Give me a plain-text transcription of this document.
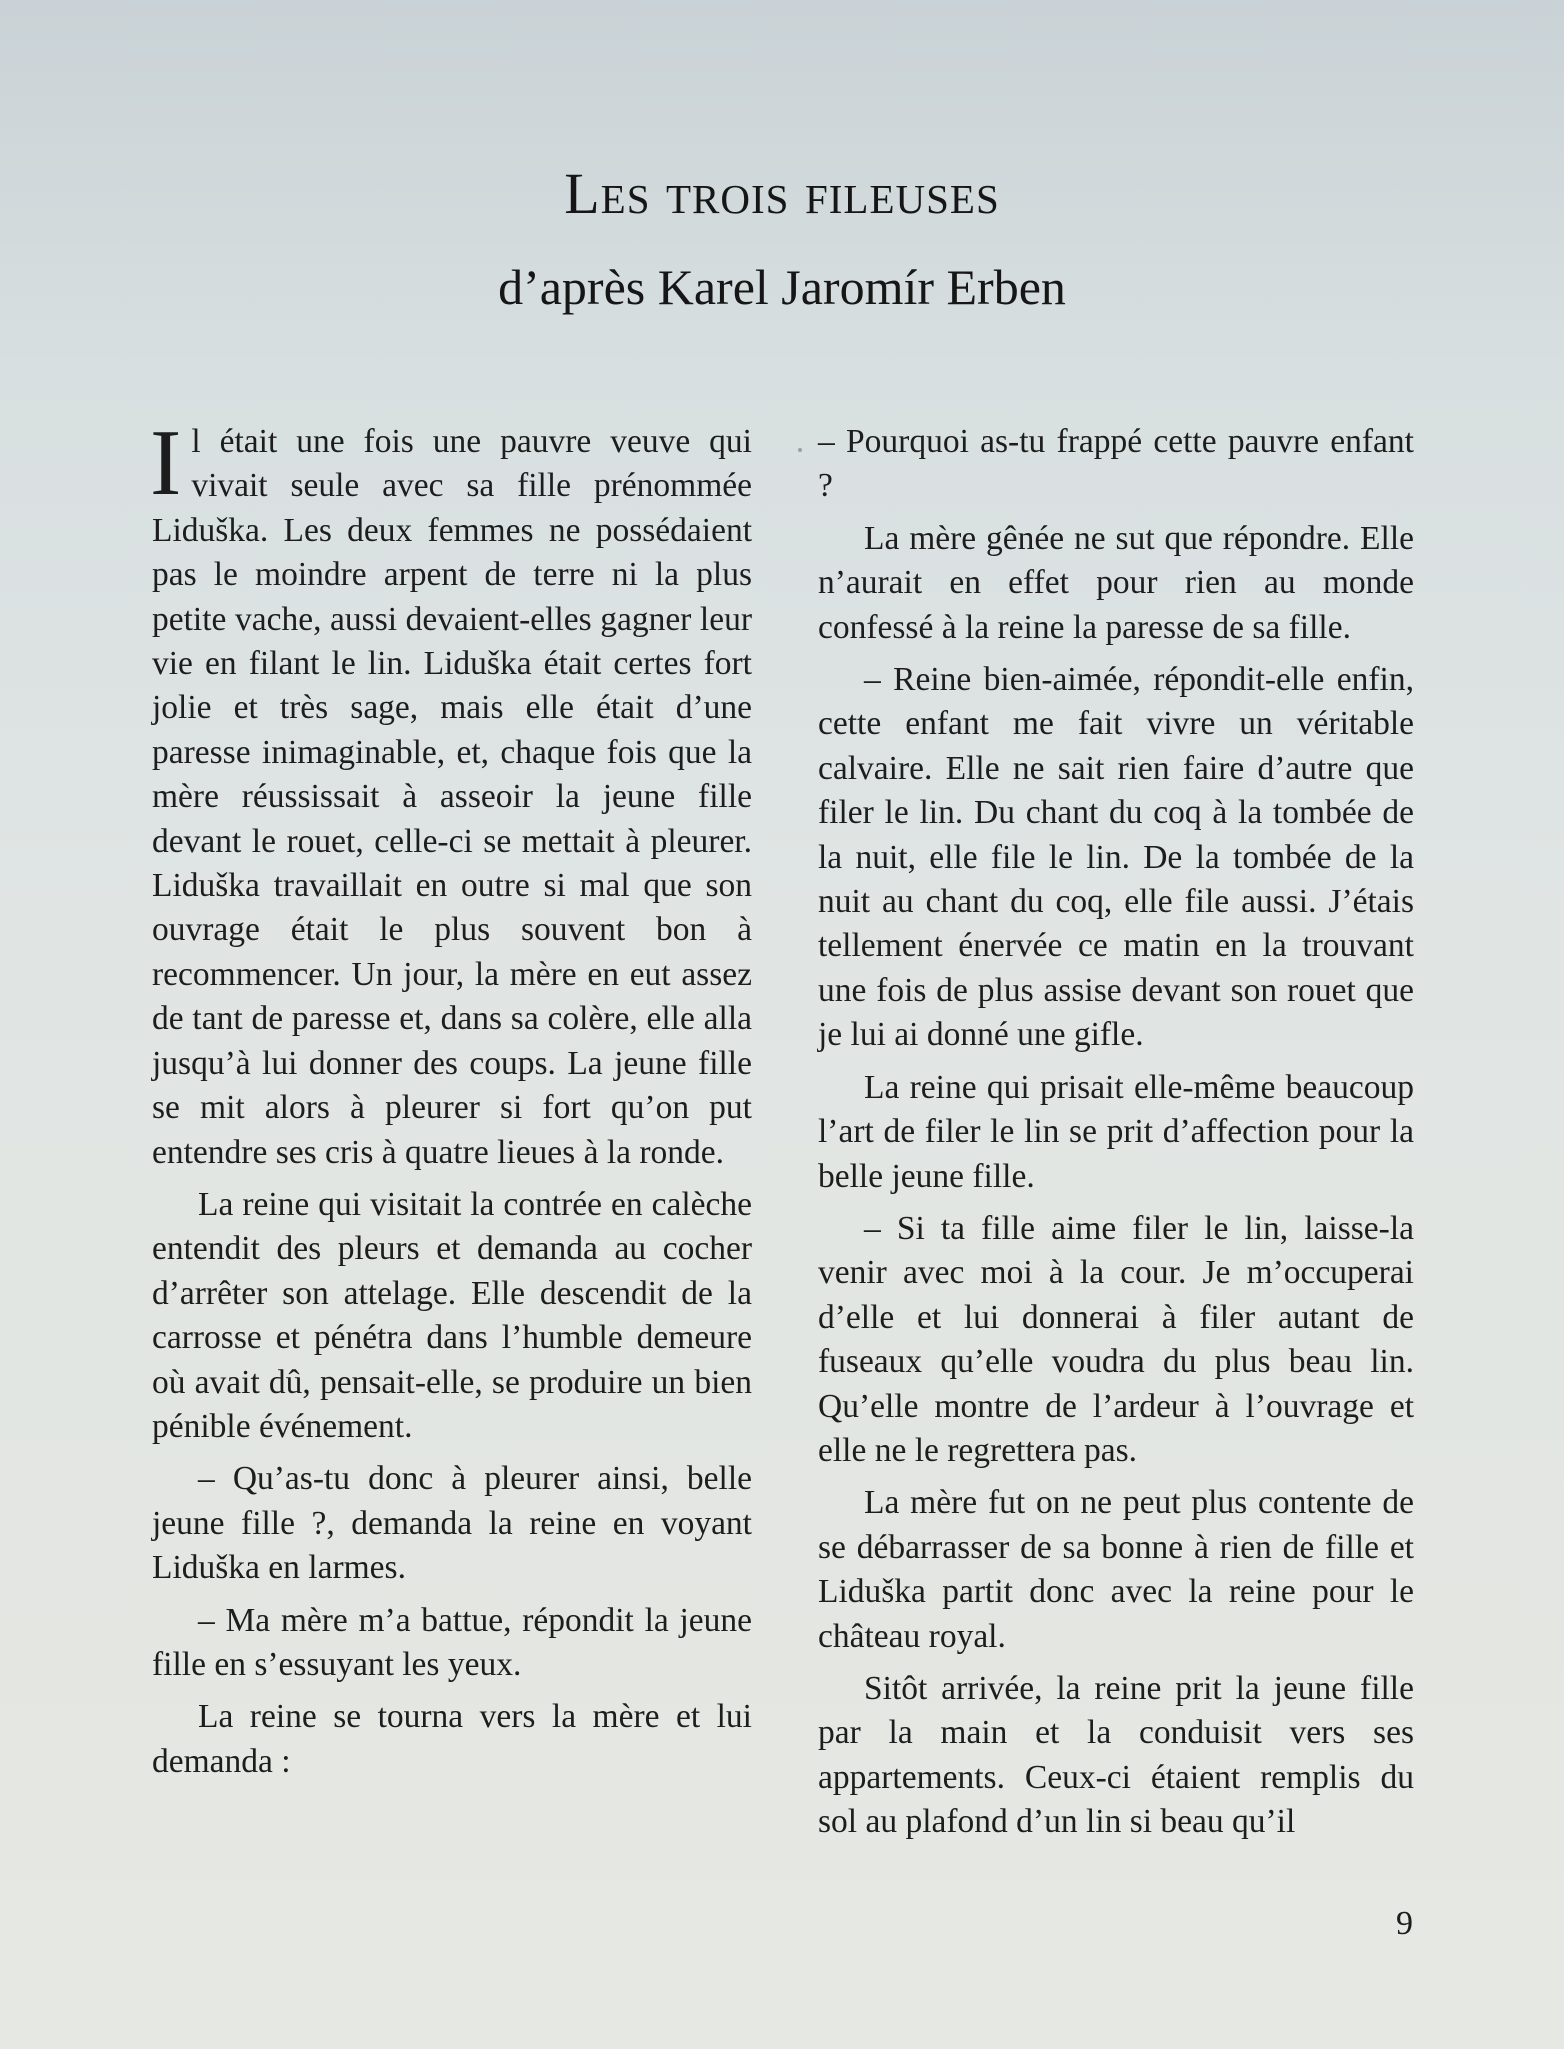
Les trois fileuses
d’après Karel Jaromír Erben

Il était une fois une pauvre veuve qui vivait seule avec sa fille prénommée Liduška. Les deux femmes ne possédaient pas le moindre arpent de terre ni la plus petite vache, aussi devaient-elles gagner leur vie en filant le lin. Liduška était certes fort jolie et très sage, mais elle était d’une paresse inimaginable, et, chaque fois que la mère réussissait à asseoir la jeune fille devant le rouet, celle-ci se mettait à pleurer. Liduška travaillait en outre si mal que son ouvrage était le plus souvent bon à recommencer. Un jour, la mère en eut assez de tant de paresse et, dans sa colère, elle alla jusqu’à lui donner des coups. La jeune fille se mit alors à pleurer si fort qu’on put entendre ses cris à quatre lieues à la ronde.

La reine qui visitait la contrée en calèche entendit des pleurs et demanda au cocher d’arrêter son attelage. Elle descendit de la carrosse et pénétra dans l’humble demeure où avait dû, pensait-elle, se produire un bien pénible événement.

– Qu’as-tu donc à pleurer ainsi, belle jeune fille ?, demanda la reine en voyant Liduška en larmes.

– Ma mère m’a battue, répondit la jeune fille en s’essuyant les yeux.

La reine se tourna vers la mère et lui demanda :

– Pourquoi as-tu frappé cette pauvre enfant ?

La mère gênée ne sut que répondre. Elle n’aurait en effet pour rien au monde confessé à la reine la paresse de sa fille.

– Reine bien-aimée, répondit-elle enfin, cette enfant me fait vivre un véritable calvaire. Elle ne sait rien faire d’autre que filer le lin. Du chant du coq à la tombée de la nuit, elle file le lin. De la tombée de la nuit au chant du coq, elle file aussi. J’étais tellement énervée ce matin en la trouvant une fois de plus assise devant son rouet que je lui ai donné une gifle.

La reine qui prisait elle-même beaucoup l’art de filer le lin se prit d’affection pour la belle jeune fille.

– Si ta fille aime filer le lin, laisse-la venir avec moi à la cour. Je m’occuperai d’elle et lui donnerai à filer autant de fuseaux qu’elle voudra du plus beau lin. Qu’elle montre de l’ardeur à l’ouvrage et elle ne le regrettera pas.

La mère fut on ne peut plus contente de se débarrasser de sa bonne à rien de fille et Liduška partit donc avec la reine pour le château royal.

Sitôt arrivée, la reine prit la jeune fille par la main et la conduisit vers ses appartements. Ceux-ci étaient remplis du sol au plafond d’un lin si beau qu’il

9
